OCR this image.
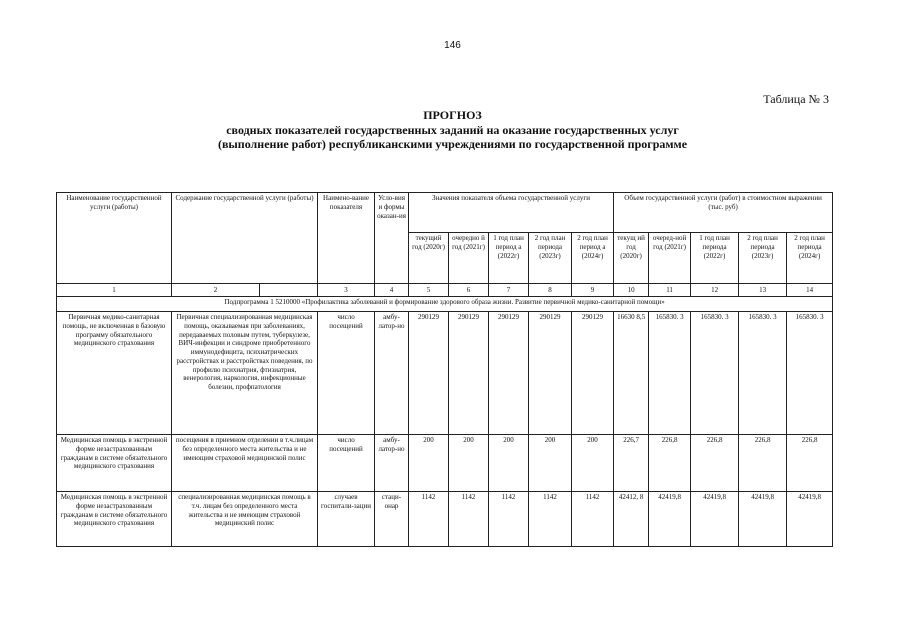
146
Таблица № 3
ПРОГНОЗ
сводных показателей государственных заданий на оказание государственных услуг
(выполнение работ) республиканскими учреждениями по государственной программе
Наименование государственной услуги (работы)	Содержание государственной услуги (работы)		Наимено-вание показателя	Усло-вия и формы оказан-ия	Значения показателя объема государственной услуги					Объем государственной услуги (работ) в стоимостном выражении (тыс. руб)				
					текущий год (2020г)	очередно й год (2021г)	1 год план период а (2022г)	2 год план периода (2023г)	2 год план период а (2024г)	текущ ий год (2020г)	очеред-ной год (2021г)	1 год план периода (2022г)	2 год план периода (2023г)	2 год план периода (2024г)
1	2		3	4	5	6	7	8	9	10	11	12	13	14
Подпрограмма 1 5210000 «Профилактика заболеваний и формирование здорового образа жизни. Развитие первичной медико-санитарной помощи»														
Первичная медико-санитарная помощь, не включенная в базовую программу обязательного медицинского страхования	Первичная специализированная медицинская помощь, оказываемая при заболеваниях, передаваемых половым путем, туберкулезе, ВИЧ-инфекции и синдроме приобретенного иммунодефицита, психиатрических расстройствах и расстройствах поведения, по профилю психиатрия, фтизиатрия, венерология, наркология, инфекционные болезни, профпатология		число посещений	амбу-латор-но	290129	290129	290129	290129	290129	16630 8,5	165830. 3	165830. 3	165830. 3	165830. 3
Медицинская помощь в экстренной форме незастрахованным гражданам в системе обязательного медицинского страхования	посещения в приемном отделении в т.ч.лицам без определенного места жительства и не имеющим страховой медицинской полис		число посещений	амбу-латор-но	200	200	200	200	200	226,7	226,8	226,8	226,8	226,8
Медицинская помощь в экстренной форме незастрахованным гражданам в системе обязательного медицинского страхования	специализированная медицинская помощь в т.ч. лицам без определенного места жительства и не имеющим страховой медицинский полис		случаев госпитали-зации	стаци-онар	1142	1142	1142	1142	1142	42412, 8	42419,8	42419,8	42419,8	42419,8
